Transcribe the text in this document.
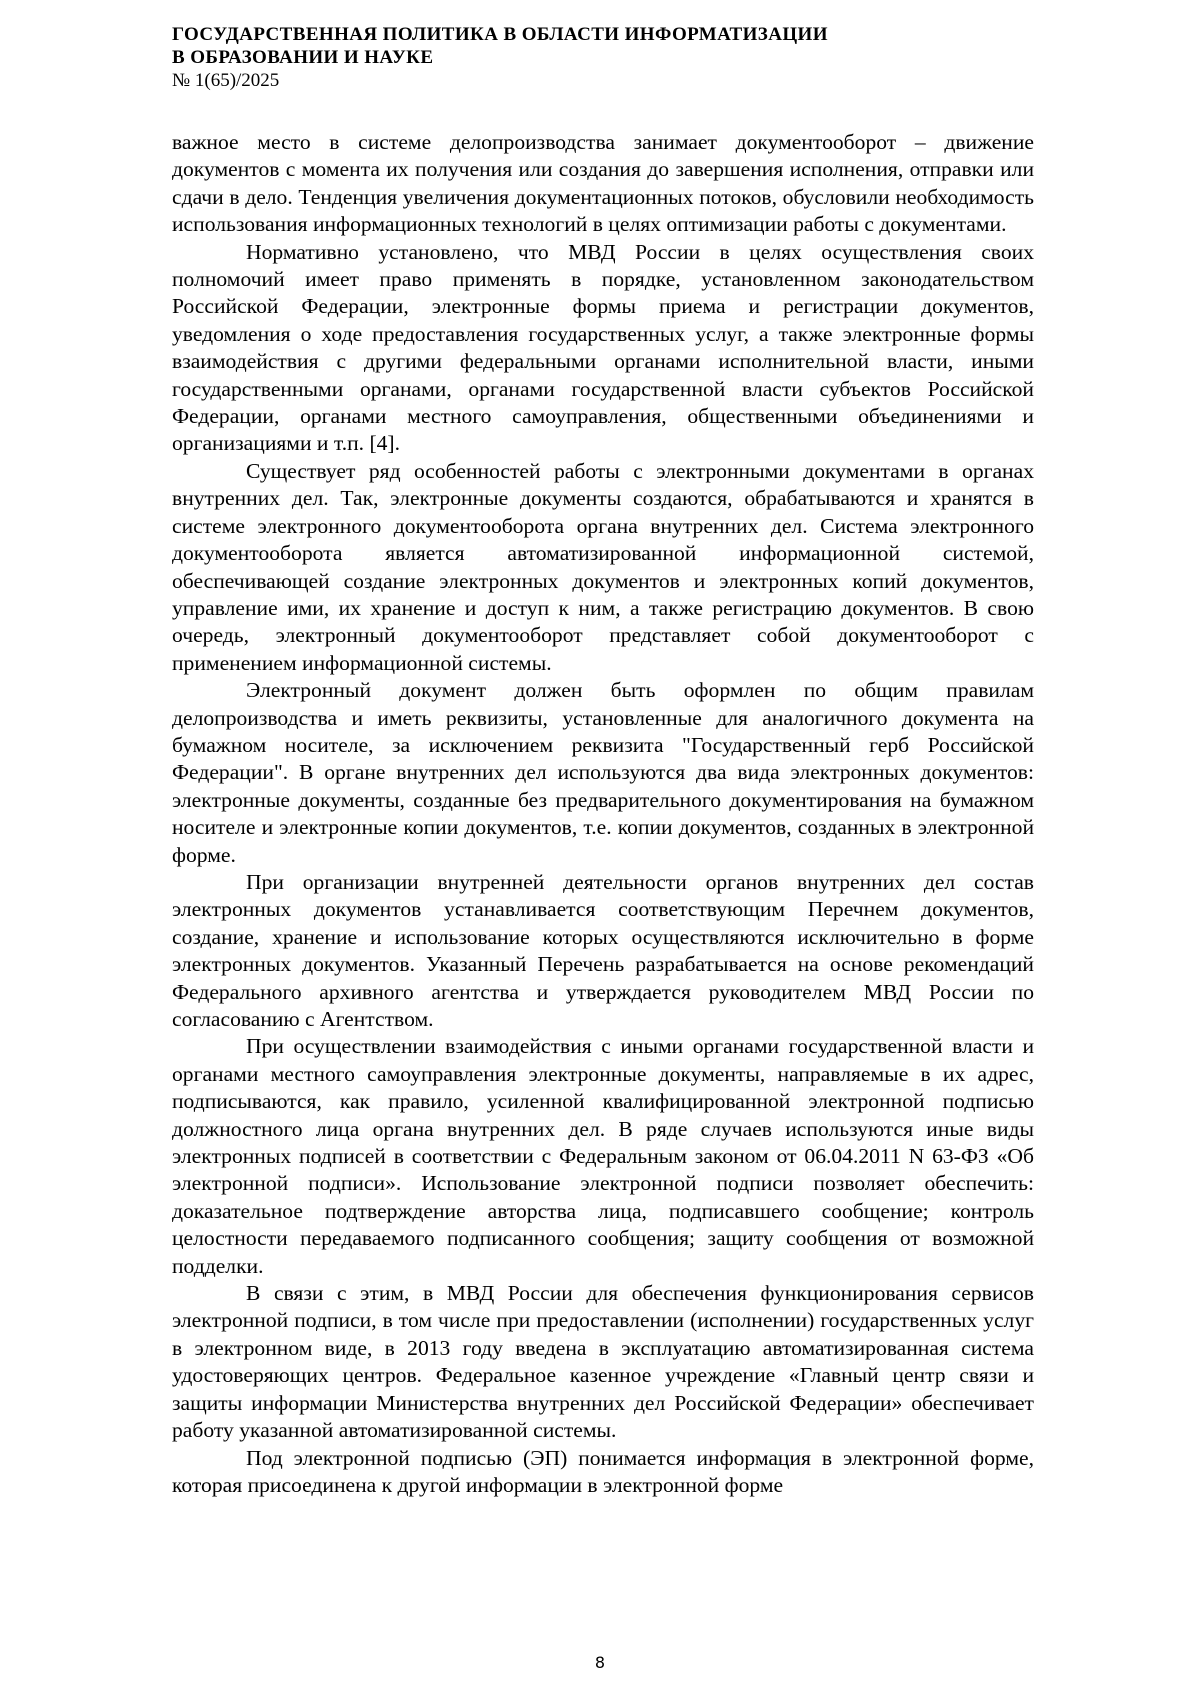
ГОСУДАРСТВЕННАЯ ПОЛИТИКА В ОБЛАСТИ ИНФОРМАТИЗАЦИИ
В ОБРАЗОВАНИИ И НАУКЕ
№ 1(65)/2025

важное место в системе делопроизводства занимает документооборот – движение документов с момента их получения или создания до завершения исполнения, отправки или сдачи в дело. Тенденция увеличения документационных потоков, обусловили необходимость использования информационных технологий в целях оптимизации работы с документами.

Нормативно установлено, что МВД России в целях осуществления своих полномочий имеет право применять в порядке, установленном законодательством Российской Федерации, электронные формы приема и регистрации документов, уведомления о ходе предоставления государственных услуг, а также электронные формы взаимодействия с другими федеральными органами исполнительной власти, иными государственными органами, органами государственной власти субъектов Российской Федерации, органами местного самоуправления, общественными объединениями и организациями и т.п. [4].

Существует ряд особенностей работы с электронными документами в органах внутренних дел. Так, электронные документы создаются, обрабатываются и хранятся в системе электронного документооборота органа внутренних дел. Система электронного документооборота является автоматизированной информационной системой, обеспечивающей создание электронных документов и электронных копий документов, управление ими, их хранение и доступ к ним, а также регистрацию документов. В свою очередь, электронный документооборот представляет собой документооборот с применением информационной системы.

Электронный документ должен быть оформлен по общим правилам делопроизводства и иметь реквизиты, установленные для аналогичного документа на бумажном носителе, за исключением реквизита "Государственный герб Российской Федерации". В органе внутренних дел используются два вида электронных документов: электронные документы, созданные без предварительного документирования на бумажном носителе и электронные копии документов, т.е. копии документов, созданных в электронной форме.

При организации внутренней деятельности органов внутренних дел состав электронных документов устанавливается соответствующим Перечнем документов, создание, хранение и использование которых осуществляются исключительно в форме электронных документов. Указанный Перечень разрабатывается на основе рекомендаций Федерального архивного агентства и утверждается руководителем МВД России по согласованию с Агентством.

При осуществлении взаимодействия с иными органами государственной власти и органами местного самоуправления электронные документы, направляемые в их адрес, подписываются, как правило, усиленной квалифицированной электронной подписью должностного лица органа внутренних дел. В ряде случаев используются иные виды электронных подписей в соответствии с Федеральным законом от 06.04.2011 N 63-ФЗ «Об электронной подписи». Использование электронной подписи позволяет обеспечить: доказательное подтверждение авторства лица, подписавшего сообщение; контроль целостности передаваемого подписанного сообщения; защиту сообщения от возможной подделки.

В связи с этим, в МВД России для обеспечения функционирования сервисов электронной подписи, в том числе при предоставлении (исполнении) государственных услуг в электронном виде, в 2013 году введена в эксплуатацию автоматизированная система удостоверяющих центров. Федеральное казенное учреждение «Главный центр связи и защиты информации Министерства внутренних дел Российской Федерации» обеспечивает работу указанной автоматизированной системы.

Под электронной подписью (ЭП) понимается информация в электронной форме, которая присоединена к другой информации в электронной форме

8
